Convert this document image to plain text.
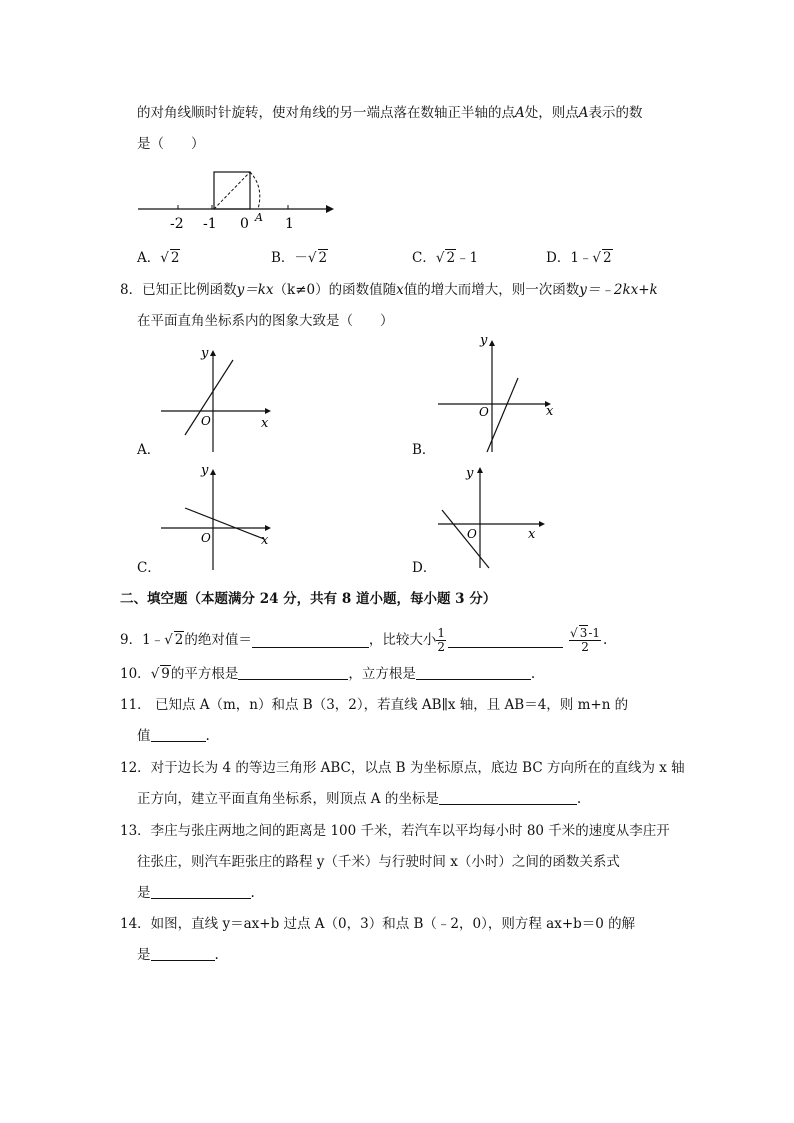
的对角线顺时针旋转，使对角线的另一端点落在数轴正半轴的点A处，则点A表示的数
是（　　）
-2 -1 0	1
A
A．√ 2	B．－√ 2	C．√ 2﹣1	D．1﹣√ 2
8．已知正比例函数y＝kx（k≠0）的函数值随x值的增大而增大，则一次函数y＝﹣2kx+k
在平面直角坐标系内的图象大致是（　　）
x
y
O
A．
x
y
O
B．
x
y
O
C．
x
y
O
D．
二、填空题（本题满分 24 分，共有 8 道小题，每小题 3 分）
9． 1﹣ √ 2 的绝对值＝	，比较大小 $\frac{1}{2}$	$\frac{√ 3-1}{2}$ .
10．√ 9的平方根是	，立方根是	.
11． 已知点 A（m，n）和点 B（3，2），若直线 AB∥x 轴，且 AB＝4，则 m+n 的
值	.
12．对于边长为 4 的等边三角形 ABC，以点 B 为坐标原点，底边 BC 方向所在的直线为 x 轴
正方向，建立平面直角坐标系，则顶点 A 的坐标是	.
13．李庄与张庄两地之间的距离是 100 千米，若汽车以平均每小时 80 千米的速度从李庄开
往张庄，则汽车距张庄的路程 y（千米）与行驶时间 x（小时）之间的函数关系式
是	.
14．如图，直线 y＝ax+b 过点 A（0，3）和点 B（﹣2，0），则方程 ax+b＝0 的解
是	.
